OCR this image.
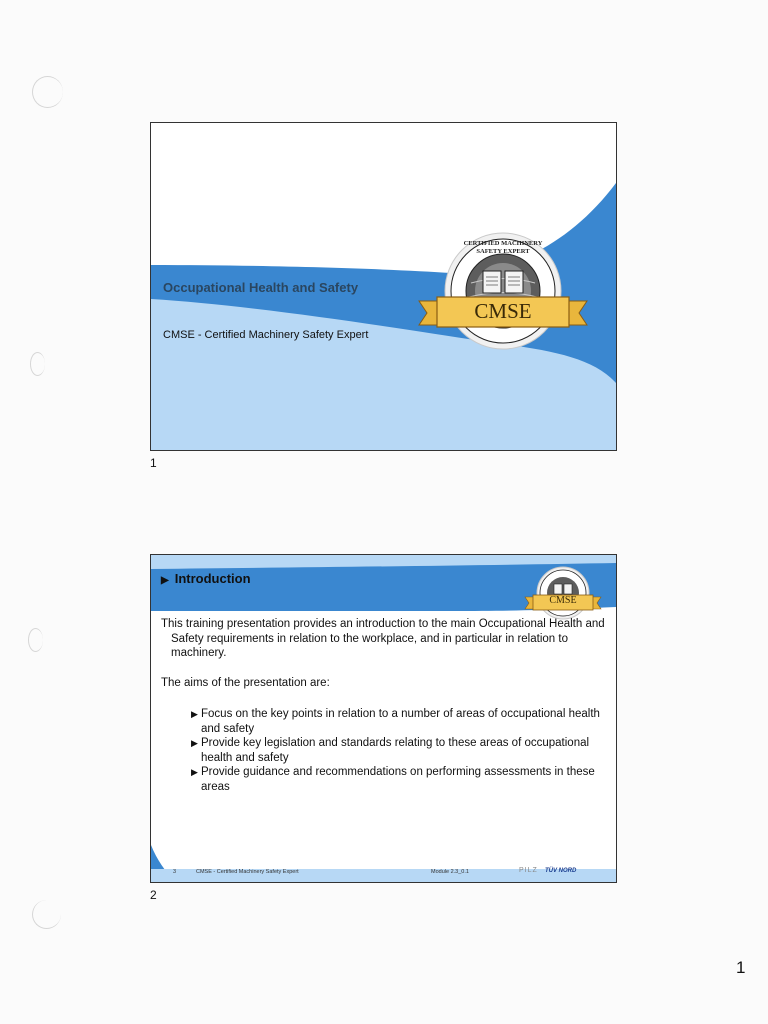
Occupational Health and Safety
CMSE - Certified Machinery Safety Expert
CERTIFIED MACHINERY SAFETY EXPERT
CMSE
1
▶ Introduction
CMSE

This training presentation provides an introduction to the main Occupational Health and Safety requirements in relation to the workplace, and in particular in relation to machinery.

The aims of the presentation are:

▶ Focus on the key points in relation to a number of areas of occupational health and safety
▶ Provide key legislation and standards relating to these areas of occupational health and safety
▶ Provide guidance and recommendations on performing assessments in these areas
3	CMSE - Certified Machinery Safety Expert	Module 2.3_0.1	PILZ TÜV NORD
2
1
